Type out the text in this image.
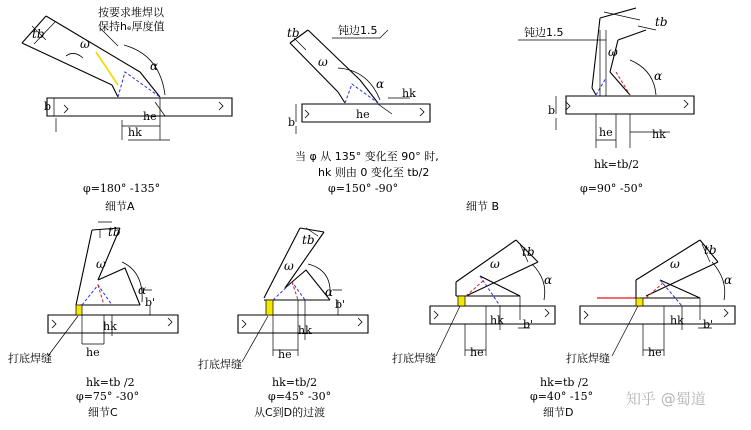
按要求堆焊以
保持hₑ厚度值
tb
ω
α
b
he
hk
φ=180° -135°
细节A
tb	钝边1.5
ω
α
b
he
hk
当 φ 从 135° 变化至 90° 时,
hk 则由 0 变化至 tb/2
φ=150° -90°
细节 B
tb
钝边1.5
ω
α
b
he	hk
hk=tb/2
φ=90° -50°
tb
ω
α
b'
hk
he
打底焊缝
hk=tb /2
φ=75° -30°
细节C
tb
ω
α
b'
hk
he
打底焊缝
hk=tb/2
φ=45° -30°
从C到D的过渡
tb
ω
α
b'
hk
he
打底焊缝
tb
ω
α
b'
hk
he
打底焊缝
hk=tb /2
φ=40° -15°
细节D
知乎 @蜀道
